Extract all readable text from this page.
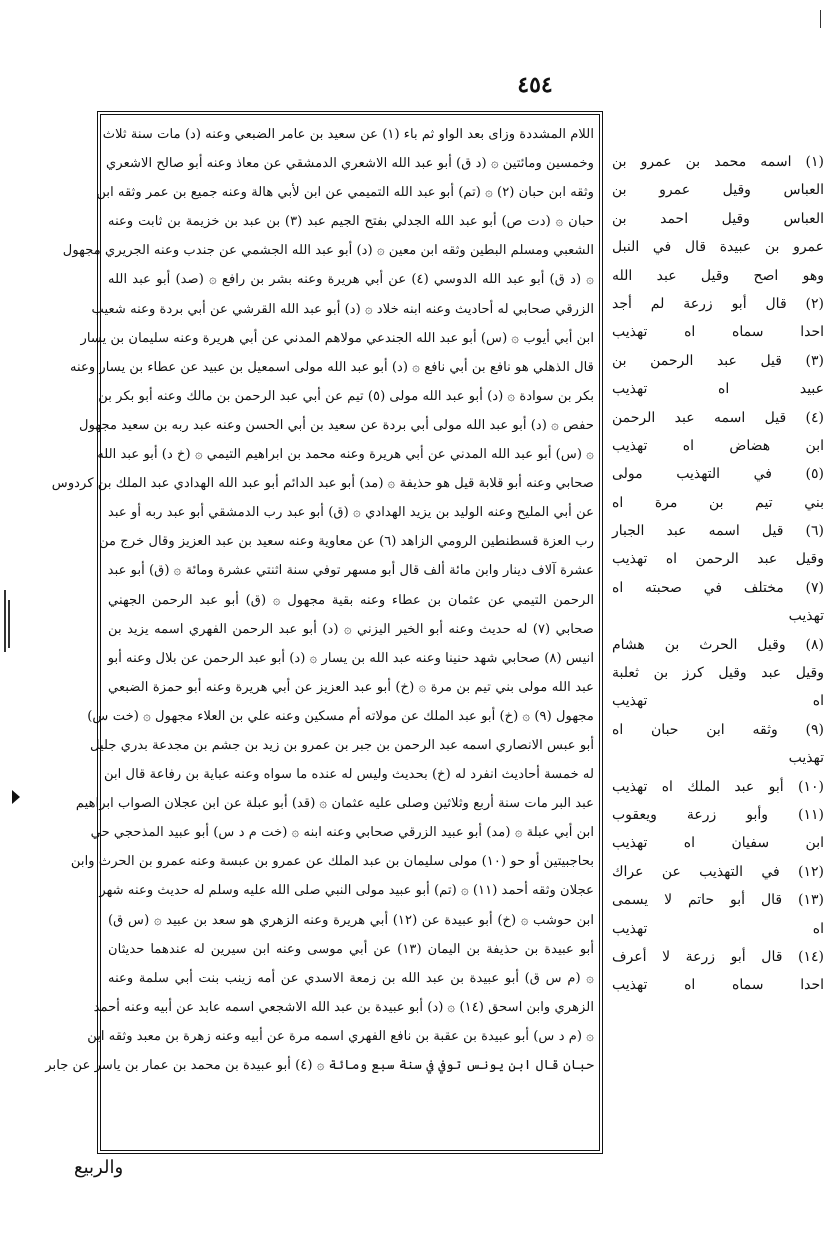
٤٥٤
اللام المشددة وزاى بعد الواو ثم باء (١) عن سعيد بن عامر الضبعي وعنه (د) مات سنة ثلاث
وخمسين ومائتين ۞ (د ق) أبو عبد الله الاشعري الدمشقي عن معاذ وعنه أبو صالح الاشعري
وثقه ابن حبان (٢) ۞ (تم) أبو عبد الله التميمي عن ابن لأبي هالة وعنه جميع بن عمر وثقه ابن
حبان ۞ (دت ص) أبو عبد الله الجدلي بفتح الجيم عبد (٣) بن عبد بن خزيمة بن ثابت وعنه
الشعبي ومسلم البطين وثقه ابن معين ۞ (د) أبو عبد الله الجشمي عن جندب وعنه الجريري مجهول
۞ (د ق) أبو عبد الله الدوسي (٤) عن أبي هريرة وعنه بشر بن رافع ۞ (صد) أبو عبد الله
الزرقي صحابي له أحاديث وعنه ابنه خلاد ۞ (د) أبو عبد الله القرشي عن أبي بردة وعنه شعيب
ابن أبي أيوب ۞ (س) أبو عبد الله الجندعي مولاهم المدني عن أبي هريرة وعنه سليمان بن يسار
قال الذهلي هو نافع بن أبي نافع ۞ (د) أبو عبد الله مولى اسمعيل بن عبيد عن عطاء بن يسار وعنه
بكر بن سوادة ۞ (د) أبو عبد الله مولى (٥) تيم عن أبي عبد الرحمن بن مالك وعنه أبو بكر بن
حفص ۞ (د) أبو عبد الله مولى أبي بردة عن سعيد بن أبي الحسن وعنه عبد ربه بن سعيد مجهول
۞ (س) أبو عبد الله المدني عن أبي هريرة وعنه محمد بن ابراهيم التيمي ۞ (خ د) أبو عبد الله
صحابي وعنه أبو قلابة قيل هو حذيفة ۞ (مد) أبو عبد الدائم أبو عبد الله الهدادي عبد الملك بن كردوس
عن أبي المليح وعنه الوليد بن يزيد الهدادي ۞ (ق) أبو عبد رب الدمشقي أبو عبد ربه أو عبد
رب العزة قسطنطين الرومي الزاهد (٦) عن معاوية وعنه سعيد بن عبد العزيز وقال خرج من
عشرة آلاف دينار وابن مائة ألف قال أبو مسهر توفي سنة اثنتي عشرة ومائة ۞ (ق) أبو عبد
الرحمن التيمي عن عثمان بن عطاء وعنه بقية مجهول ۞ (ق) أبو عبد الرحمن الجهني
صحابي (٧) له حديث وعنه أبو الخير اليزني ۞ (د) أبو عبد الرحمن الفهري اسمه يزيد بن
انيس (٨) صحابي شهد حنينا وعنه عبد الله بن يسار ۞ (د) أبو عبد الرحمن عن بلال وعنه أبو
عبد الله مولى بني تيم بن مرة ۞ (خ) أبو عبد العزيز عن أبي هريرة وعنه أبو حمزة الضبعي
مجهول (٩) ۞ (خ) أبو عبد الملك عن مولاته أم مسكين وعنه علي بن العلاء مجهول ۞ (خت س)
أبو عبس الانصاري اسمه عبد الرحمن بن جبر بن عمرو بن زيد بن جشم بن مجدعة بدري جليل
له خمسة أحاديث انفرد له (خ) بحديث وليس له عنده ما سواه وعنه عباية بن رفاعة قال ابن
عبد البر مات سنة أربع وثلاثين وصلى عليه عثمان ۞ (قد) أبو عبلة عن ابن عجلان الصواب ابراهيم
ابن أبي عبلة ۞ (مد) أبو عبيد الزرقي صحابي وعنه ابنه ۞ (خت م د س) أبو عبيد المذحجي حي
بحاجبيتين أو حو (١٠) مولى سليمان بن عبد الملك عن عمرو بن عبسة وعنه عمرو بن الحرث وابن
عجلان وثقه أحمد (١١) ۞ (تم) أبو عبيد مولى النبي صلى الله عليه وسلم له حديث وعنه شهر
ابن حوشب ۞ (خ) أبو عبيدة عن (١٢) أبي هريرة وعنه الزهري هو سعد بن عبيد ۞ (س ق)
أبو عبيدة بن حذيفة بن اليمان (١٣) عن أبي موسى وعنه ابن سيرين له عندهما حديثان
۞ (م س ق) أبو عبيدة بن عبد الله بن زمعة الاسدي عن أمه زينب بنت أبي سلمة وعنه
الزهري وابن اسحق (١٤) ۞ (د) أبو عبيدة بن عبد الله الاشجعي اسمه عابد عن أبيه وعنه أحمد
۞ (م د س) أبو عبيدة بن عقبة بن نافع الفهري اسمه مرة عن أبيه وعنه زهرة بن معبد وثقه ابن
حبان قال ابن يونس توفي في سنة سبع ومائة ۞ (٤) أبو عبيدة بن محمد بن عمار بن ياسر عن جابر
(١) اسمه محمد بن عمرو بن
العباس وقيل عمرو بن
العباس وقيل احمد بن
عمرو بن عبيدة قال في النبل
وهو اصح وقيل عبد الله
(٢) قال أبو زرعة لم أجد
احدا سماه اه تهذيب
(٣) قيل عبد الرحمن بن
عبيد اه تهذيب
(٤) قيل اسمه عبد الرحمن
ابن هضاض اه تهذيب
(٥) في التهذيب مولى
بني تيم بن مرة اه
(٦) قيل اسمه عبد الجبار
وقيل عبد الرحمن اه تهذيب
(٧) مختلف في صحبته اه
تهذيب
(٨) وقيل الحرث بن هشام
وقيل عبد وقيل كرز بن ثعلبة
اه تهذيب
(٩) وثقه ابن حبان اه
تهذيب
(١٠) أبو عبد الملك اه تهذيب
(١١) وأبو زرعة ويعقوب
ابن سفيان اه تهذيب
(١٢) في التهذيب عن عراك
(١٣) قال أبو حاتم لا يسمى
اه تهذيب
(١٤) قال أبو زرعة لا أعرف
احدا سماه اه تهذيب
والربيع
